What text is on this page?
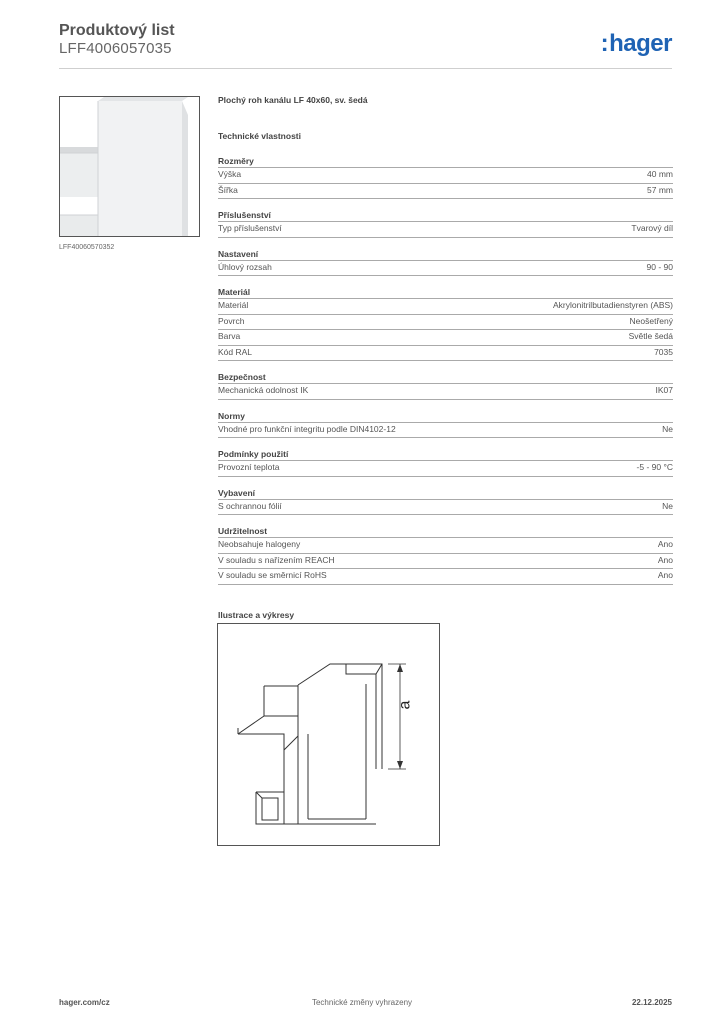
Produktový list
LFF4006057035	:hager
LFF40060570352
Plochý roh kanálu LF 40x60, sv. šedá
Technické vlastnosti
Rozměry
Výška	40 mm
Šířka	57 mm
Příslušenství
Typ příslušenství	Tvarový díl
Nastavení
Úhlový rozsah	90 - 90
Materiál
Materiál	Akrylonitrilbutadienstyren (ABS)
Povrch	Neošetřený
Barva	Světle šedá
Kód RAL	7035
Bezpečnost
Mechanická odolnost IK	IK07
Normy
Vhodné pro funkční integritu podle DIN4102-12	Ne
Podmínky použití
Provozní teplota	-5 - 90 °C
Vybavení
S ochrannou fólií	Ne
Udržitelnost
Neobsahuje halogeny	Ano
V souladu s nařízením REACH	Ano
V souladu se směrnicí RoHS	Ano
Ilustrace a výkresy
a
hager.com/cz	Technické změny vyhrazeny	22.12.2025
